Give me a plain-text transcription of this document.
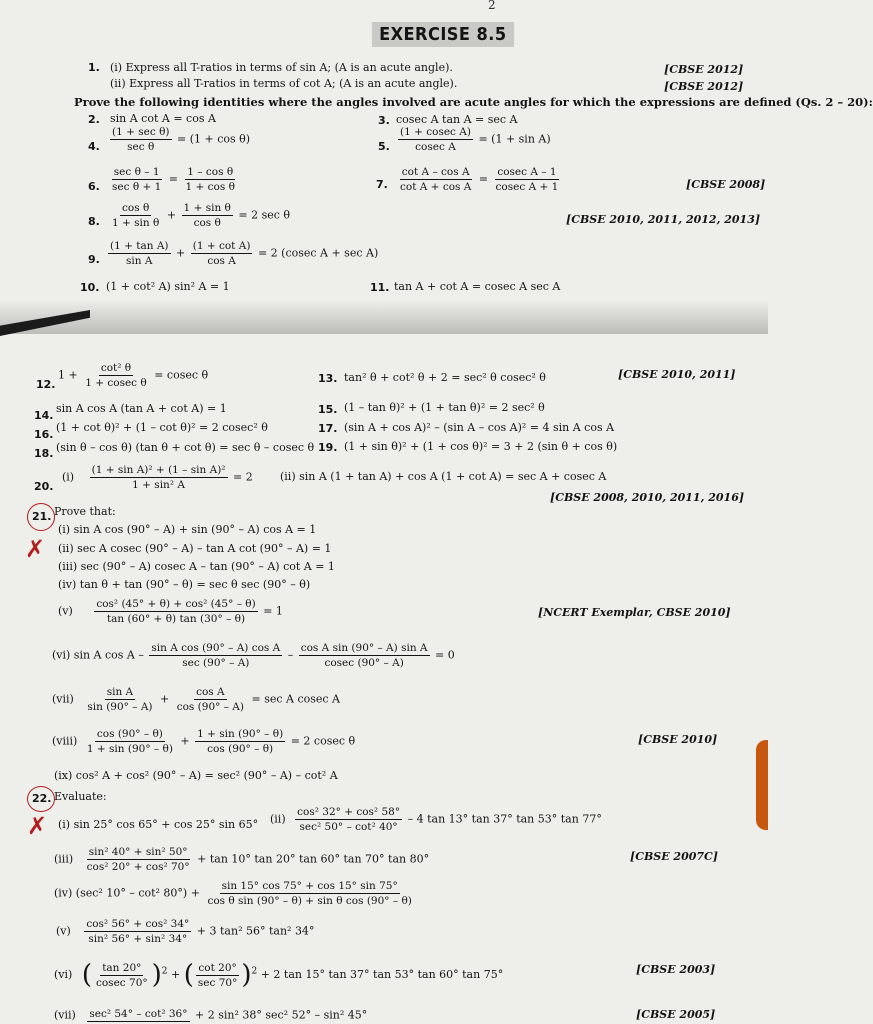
2
EXERCISE 8.5
1. (i) Express all T-ratios in terms of sin A; (A is an acute angle).	[CBSE 2012]
(ii) Express all T-ratios in terms of cot A; (A is an acute angle).	[CBSE 2012]
Prove the following identities where the angles involved are acute angles for which the expressions are defined (Qs. 2 – 20):
2. sin A cot A = cos A	3. cosec A tan A = sec A
4. $\frac{\text{(1 + sec θ)}}{\text{sec θ}} = (1 + \cos \theta)$
5. $\frac{\text{(1 + cosec A)}}{\text{cosec A}} = (1 + \sin A)$
6. $\frac{\text{sec θ – 1}}{\text{sec θ + 1}} = \frac{\text{1 – cos θ}}{\text{1 + cos θ}}$	7. $\frac{\text{cot A – cos A}}{\text{cot A + cos A}} = \frac{\text{cosec A – 1}}{\text{cosec A + 1}}$	[CBSE 2008]
8. $\frac{\text{cos θ}}{\text{1 + sin θ}} + \frac{\text{1 + sin θ}}{\text{cos θ}} = 2$ sec θ	[CBSE 2010, 2011, 2012, 2013]
9. $\frac{\text{(1 + tan A)}}{\text{sin A}} + \frac{\text{(1 + cot A)}}{\text{cos A}} = 2$ (cosec A + sec A)
10. (1 + cot² A) sin² A = 1	11. tan A + cot A = cosec A sec A
12.
$1 + \frac{\text{cot² θ}}{\text{1 + cosec θ}} = cosec$ θ	13. tan² θ + cot² θ + 2 = sec² θ cosec² θ	[CBSE 2010, 2011]
14.
sin A cos A (tan A + cot A) = 1	15. (1 – tan θ)² + (1 + tan θ)² = 2 sec² θ
16.
(1 + cot θ)² + (1 – cot θ)² = 2 cosec² θ	17. (sin A + cos A)² – (sin A – cos A)² = 4 sin A cos A
18. (sin θ – cos θ) (tan θ + cot θ) = sec θ – cosec θ 19. (1 + sin θ)² + (1 + cos θ)² = 3 + 2 (sin θ + cos θ)
20.
$(i) \frac{\text{(1 + sin A)² + (1 – sin A)²}}{\text{1 + sin² A}} = 2$ (ii) sin A (1 + tan A) + cos A (1 + cot A) = sec A + cosec A
21. Prove that:
[CBSE 2008, 2010, 2011, 2016]
(i) sin A cos (90° – A) + sin (90° – A) cos A = 1
✗ (ii) sec A cosec (90° – A) – tan A cot (90° – A) = 1
(iii) sec (90° – A) cosec A – tan (90° – A) cot A = 1
(iv) tan θ + tan (90° – θ) = sec θ sec (90° – θ)
$(v) \frac{\text{cos² (45° + θ) + cos² (45° – θ)}}{\tan (60^\circ + \theta) \tan (30^\circ - \theta)} = 1$	[NCERT Exemplar, CBSE 2010]
(vi) sin A $\cos A - \frac{\text{sin A cos (90° – A) cos A}}{\sec (90^\circ - A)} - \frac{\text{cos A sin (90° – A) sin A}}{cosec (90^\circ - A)} = 0$
$(vii) \frac{\text{sin A}}{\sin (90^\circ - A)} + \frac{\text{cos A}}{\cos (90^\circ - A)} = \sec A$ cosec A
(viii) $\frac{\cos (90^\circ - \theta)}{1 + \sin (90^\circ - \theta)} + \frac{1 + \sin (90^\circ - \theta)}{\cos (90^\circ - \theta)} = 2$ cosec θ	[CBSE 2010]
(ix) cos² A + cos² (90° – A) = sec² (90° – A) – cot² A
22. Evaluate:
✗ (i) sin 25° cos 65° + cos 25° sin 65° $(ii) \frac{\text{cos² 32° + cos² 58°}}{\text{sec² 50° – cot² 40°}} - 4$ tan 13° tan 37° tan 53° tan 77°
$(iii) \frac{\text{sin² 40° + sin² 50°}}{\text{cos² 20° + cos² 70°}} + \tan 10^\circ$ tan 20° tan 60° tan 70° tan 80°	[CBSE 2007C]
(iv) (sec² 10° – cot² $80^\circ) + \frac{\sin 15^\circ \cos 75^\circ + \cos 15^\circ \sin 75^\circ}{\text{cos θ sin (90° – θ) + sin θ cos (90° – θ)}}$
$(v) \frac{\text{cos² 56° + cos² 34°}}{\text{sin² 56° + sin² 34°}} + 3$ tan² 56° tan² 34°
(vi) ( $\frac{\tan 20^\circ}{cosec 70^\circ} )^2$ + ( $\frac{\cot 20^\circ}{\sec 70^\circ} )^2 + 2$ tan 15° tan 37° tan 53° tan 60° tan 75°	[CBSE 2003]
(vii) sec² 54° – cot² 36° + 2 sin² 38° sec² 52° – sin² 45°	[CBSE 2005]
